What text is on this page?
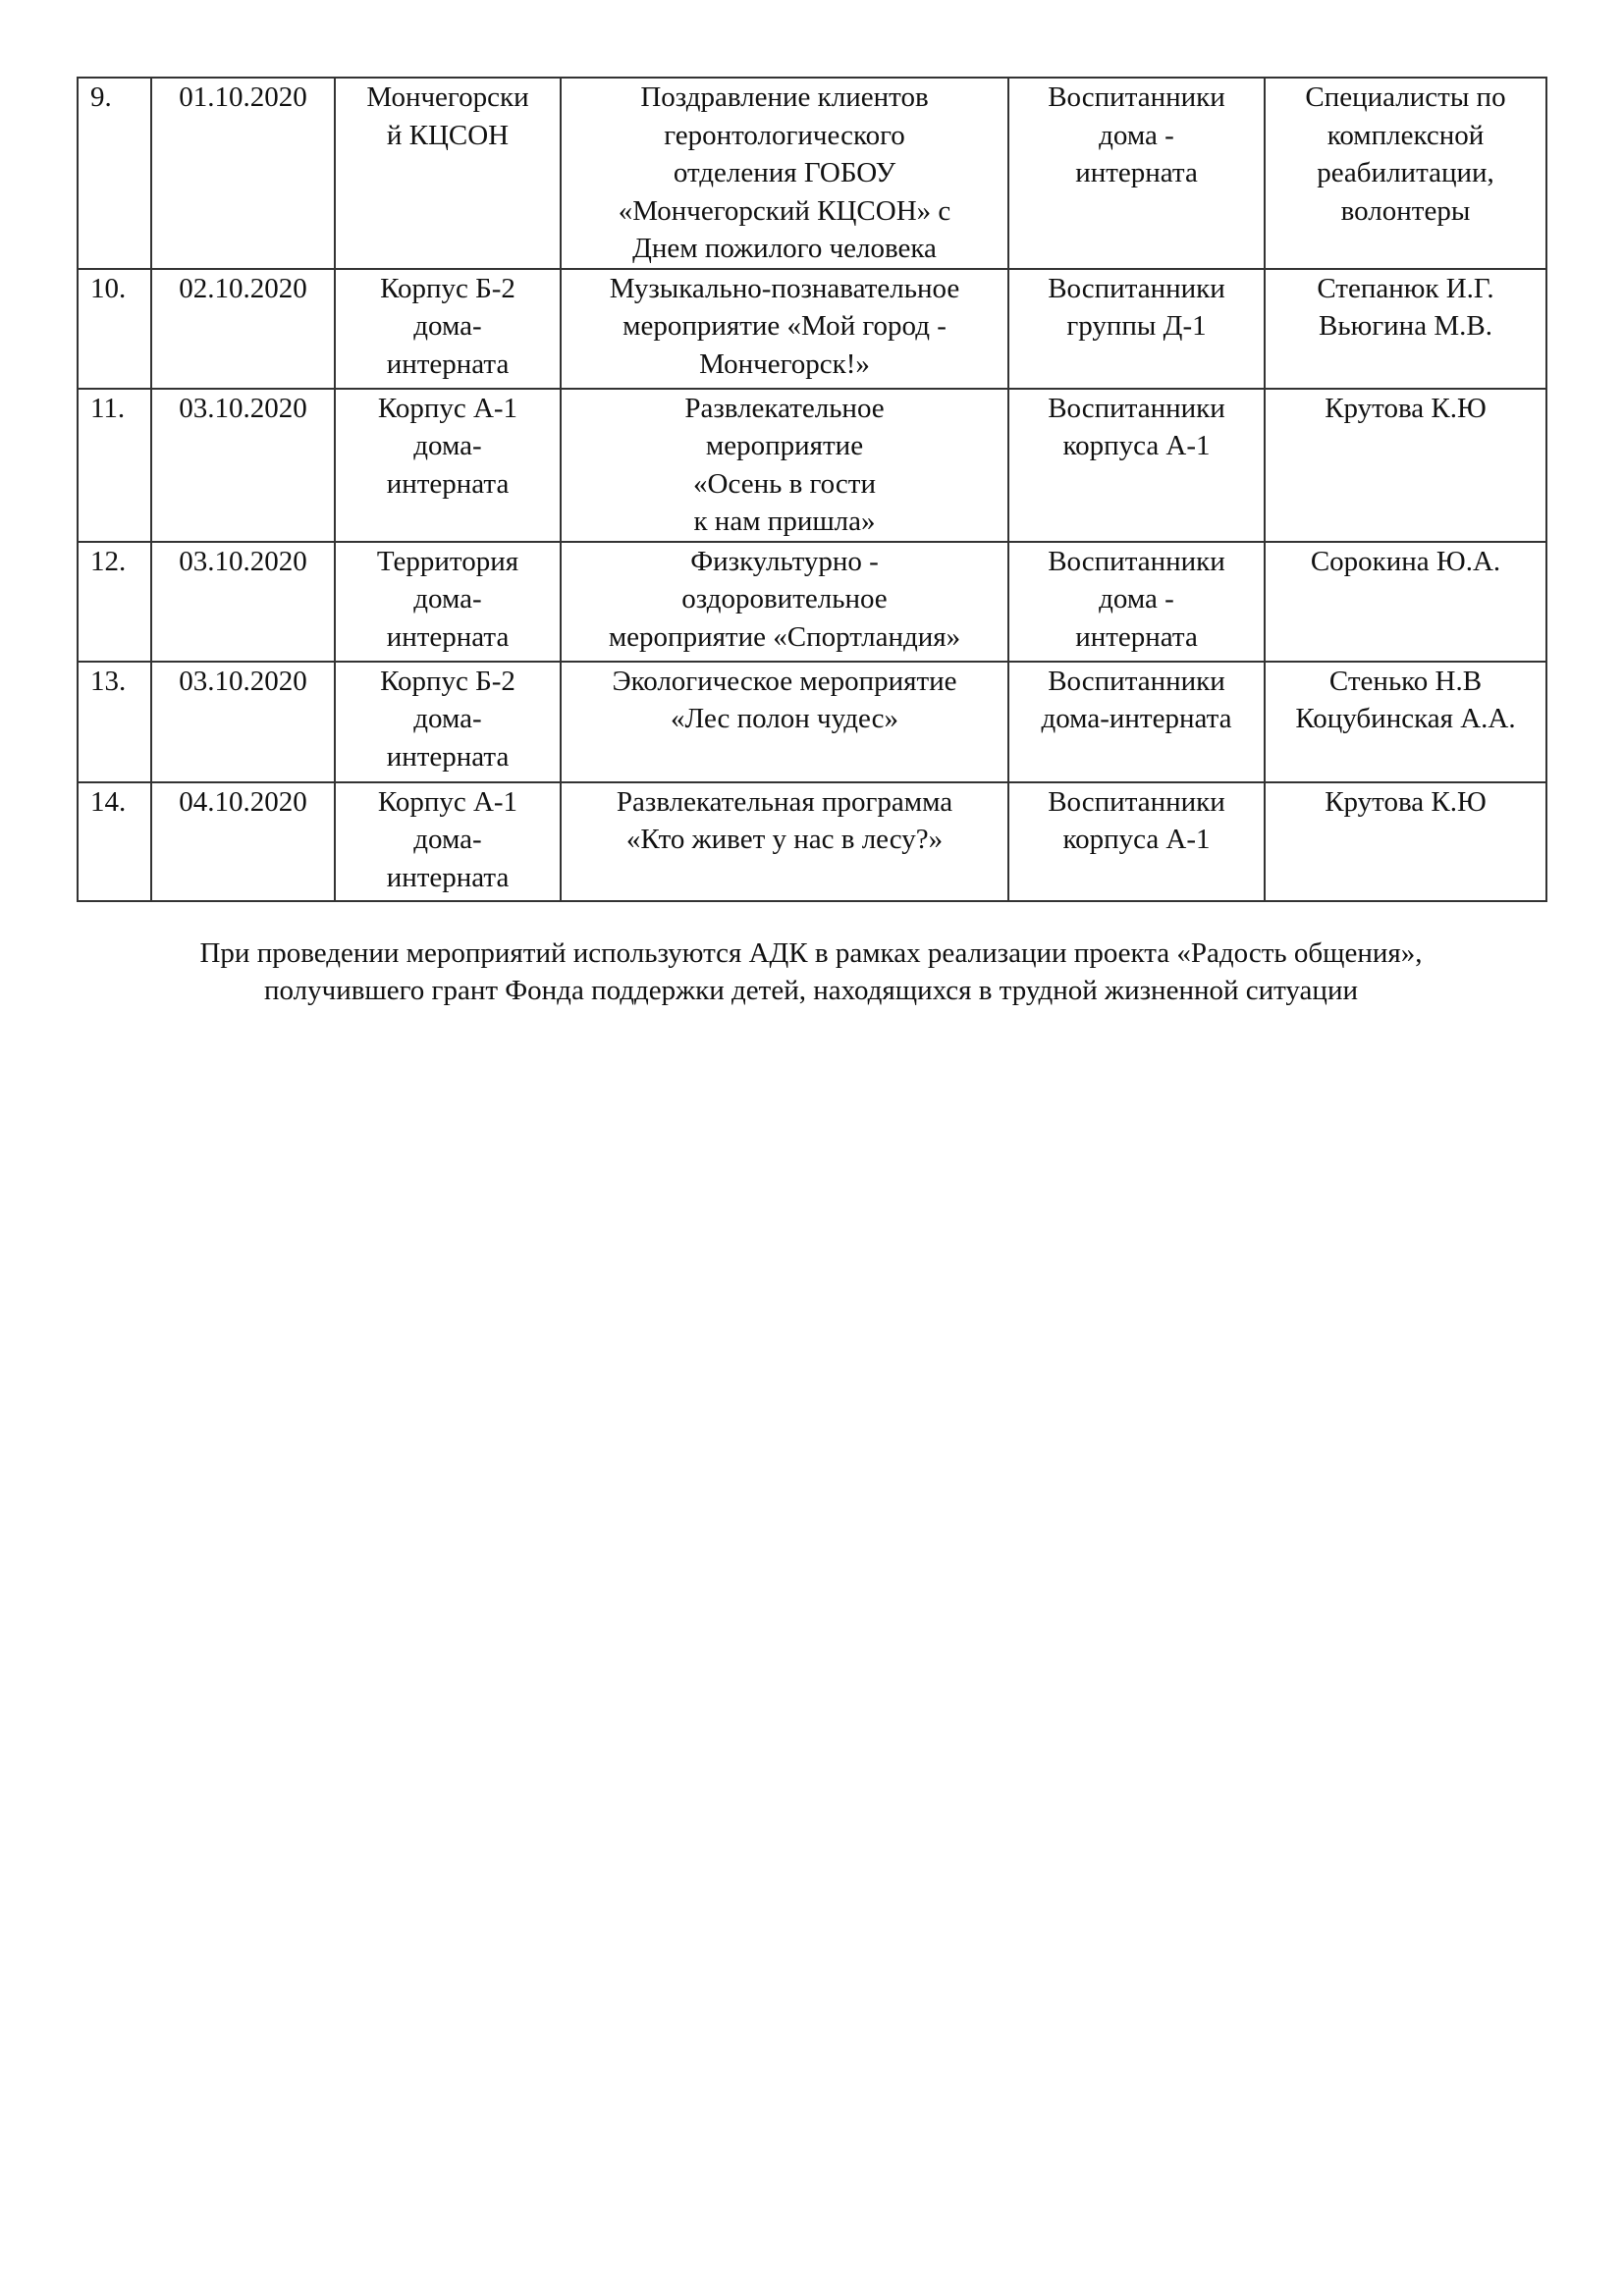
9.	01.10.2020	Мончегорски
й КЦСОН	Поздравление клиентов
геронтологического
отделения ГОБОУ
«Мончегорский КЦСОН» с
Днем пожилого человека	Воспитанники
дома -
интерната	Специалисты по
комплексной
реабилитации,
волонтеры
10.	02.10.2020	Корпус Б-2
дома-
интерната	Музыкально-познавательное
мероприятие «Мой город -
Мончегорск!»	Воспитанники
группы Д-1	Степанюк И.Г.
Вьюгина М.В.
11.	03.10.2020	Корпус А-1
дома-
интерната	Развлекательное
мероприятие
«Осень в гости
к нам пришла»	Воспитанники
корпуса А-1	Крутова К.Ю
12.	03.10.2020	Территория
дома-
интерната	Физкультурно -
оздоровительное
мероприятие «Спортландия»	Воспитанники
дома -
интерната	Сорокина Ю.А.
13.	03.10.2020	Корпус Б-2
дома-
интерната	Экологическое мероприятие
«Лес полон чудес»	Воспитанники
дома-интерната	Стенько Н.В
Коцубинская А.А.
14.	04.10.2020	Корпус А-1
дома-
интерната	Развлекательная программа
«Кто живет у нас в лесу?»	Воспитанники
корпуса А-1	Крутова К.Ю
При проведении мероприятий используются АДК в рамках реализации проекта «Радость общения»,
получившего грант Фонда поддержки детей, находящихся в трудной жизненной ситуации
